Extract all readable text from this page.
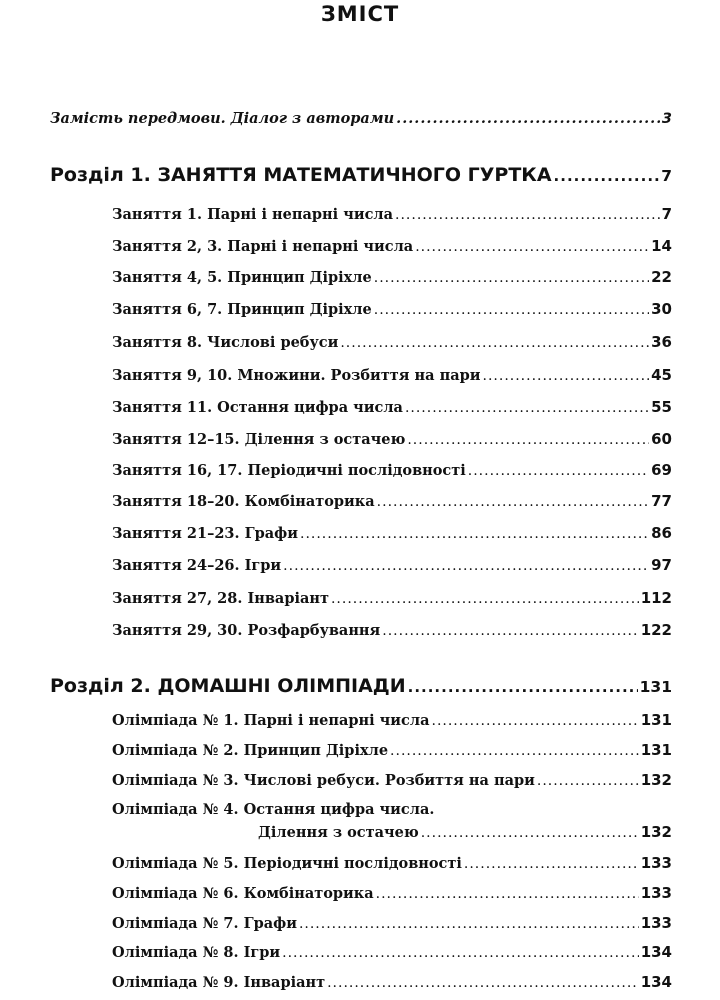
ЗМІСТ
Замість передмови. Діалог з авторами .....	3
Розділ 1. ЗАНЯТТЯ МАТЕМАТИЧНОГО ГУРТКА .....	7
Заняття 1. Парні і непарні числа .....	7
Заняття 2, 3. Парні і непарні числа .....	14
Заняття 4, 5. Принцип Діріхле .....	22
Заняття 6, 7. Принцип Діріхле .....	30
Заняття 8. Числові ребуси .....	36
Заняття 9, 10. Множини. Розбиття на пари .....	45
Заняття 11. Остання цифра числа .....	55
Заняття 12–15. Ділення з остачею .....	60
Заняття 16, 17. Періодичні послідовності .....	69
Заняття 18–20. Комбінаторика .....	77
Заняття 21–23. Графи .....	86
Заняття 24–26. Ігри .....	97
Заняття 27, 28. Інваріант .....	112
Заняття 29, 30. Розфарбування .....	122
Розділ 2. ДОМАШНІ ОЛІМПІАДИ .....	131
Олімпіада № 1. Парні і непарні числа .....	131
Олімпіада № 2. Принцип Діріхле .....	131
Олімпіада № 3. Числові ребуси. Розбиття на пари .....	132
Олімпіада № 4. Остання цифра числа.
Ділення з остачею .....	132
Олімпіада № 5. Періодичні послідовності .....	133
Олімпіада № 6. Комбінаторика .....	133
Олімпіада № 7. Графи .....	133
Олімпіада № 8. Ігри .....	134
Олімпіада № 9. Інваріант .....	134
